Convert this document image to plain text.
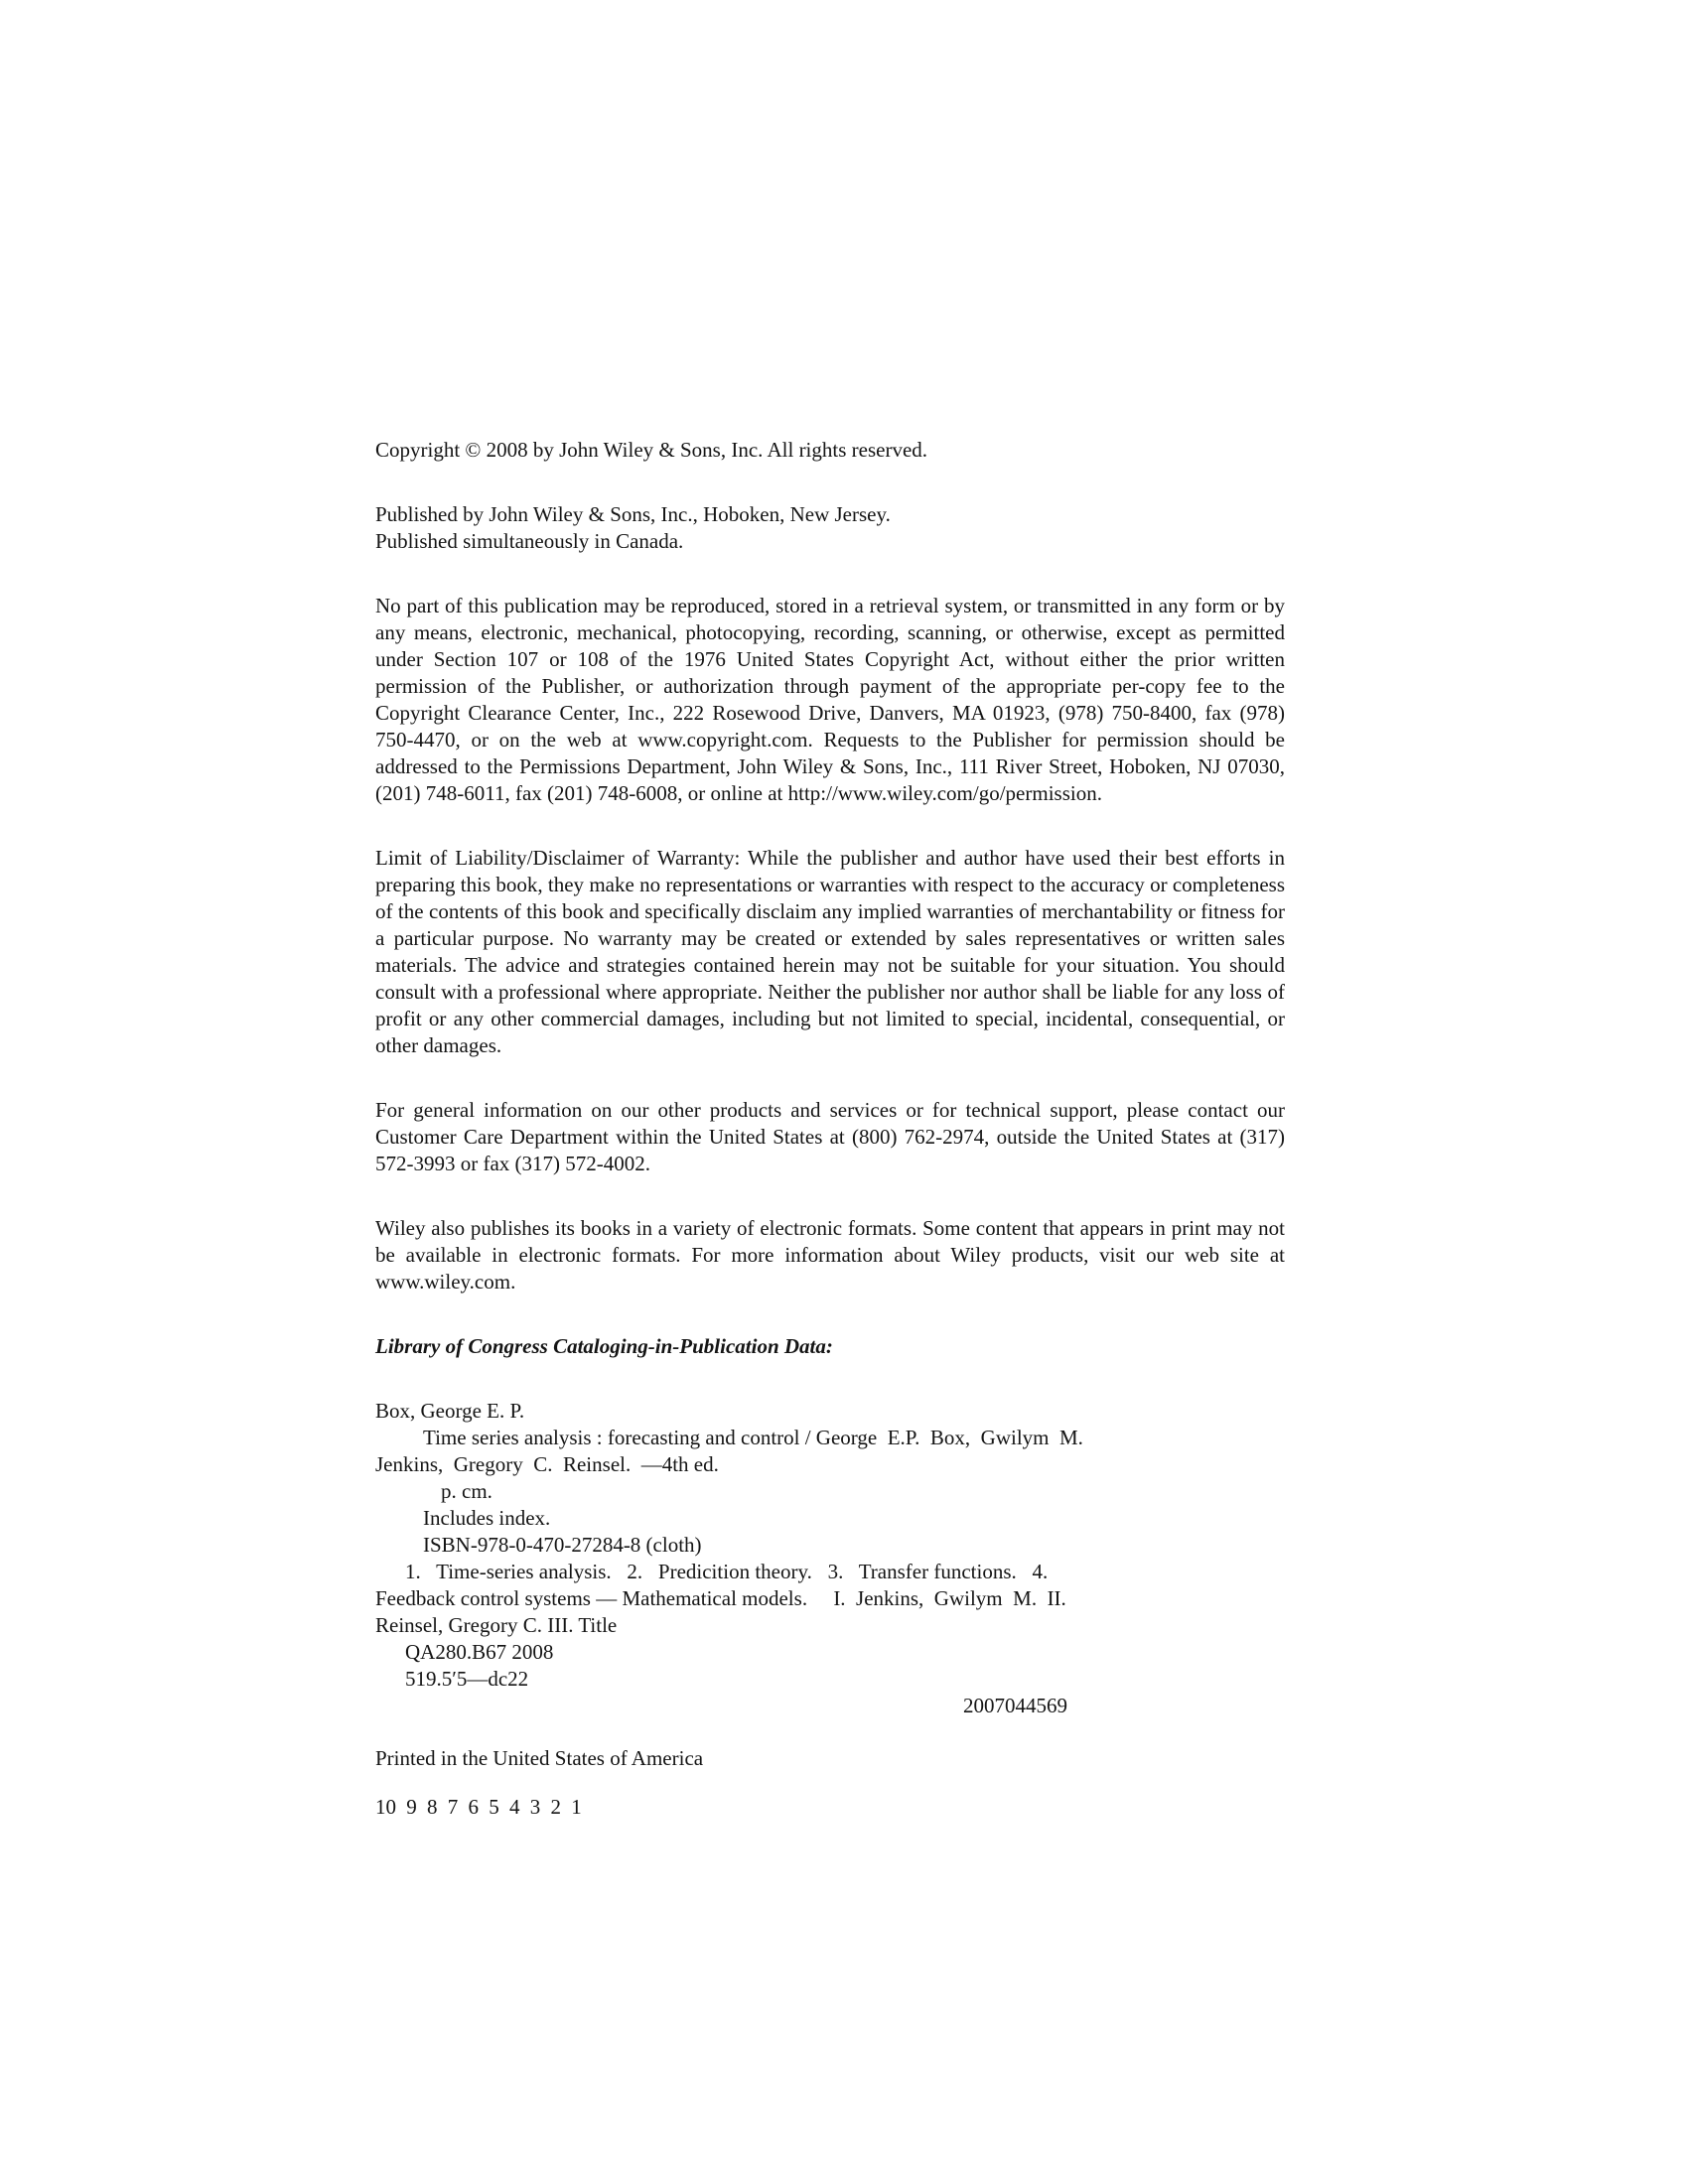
Copyright © 2008 by John Wiley & Sons, Inc. All rights reserved.

Published by John Wiley & Sons, Inc., Hoboken, New Jersey.
Published simultaneously in Canada.

No part of this publication may be reproduced, stored in a retrieval system, or transmitted in any form or by any means, electronic, mechanical, photocopying, recording, scanning, or otherwise, except as permitted under Section 107 or 108 of the 1976 United States Copyright Act, without either the prior written permission of the Publisher, or authorization through payment of the appropriate per-copy fee to the Copyright Clearance Center, Inc., 222 Rosewood Drive, Danvers, MA 01923, (978) 750-8400, fax (978) 750-4470, or on the web at www.copyright.com. Requests to the Publisher for permission should be addressed to the Permissions Department, John Wiley & Sons, Inc., 111 River Street, Hoboken, NJ 07030, (201) 748-6011, fax (201) 748-6008, or online at http://www.wiley.com/go/permission.

Limit of Liability/Disclaimer of Warranty: While the publisher and author have used their best efforts in preparing this book, they make no representations or warranties with respect to the accuracy or completeness of the contents of this book and specifically disclaim any implied warranties of merchantability or fitness for a particular purpose. No warranty may be created or extended by sales representatives or written sales materials. The advice and strategies contained herein may not be suitable for your situation. You should consult with a professional where appropriate. Neither the publisher nor author shall be liable for any loss of profit or any other commercial damages, including but not limited to special, incidental, consequential, or other damages.

For general information on our other products and services or for technical support, please contact our Customer Care Department within the United States at (800) 762-2974, outside the United States at (317) 572-3993 or fax (317) 572-4002.

Wiley also publishes its books in a variety of electronic formats. Some content that appears in print may not be available in electronic formats. For more information about Wiley products, visit our web site at www.wiley.com.

Library of Congress Cataloging-in-Publication Data:

Box, George E. P.
Time series analysis : forecasting and control / George  E.P.  Box,  Gwilym  M.
Jenkins,  Gregory  C.  Reinsel.  —4th ed.
p. cm.
Includes index.
ISBN-978-0-470-27284-8 (cloth)
1.   Time-series analysis.   2.   Predicition theory.   3.   Transfer functions.   4.
Feedback control systems — Mathematical models.     I.  Jenkins,  Gwilym  M.  II.
Reinsel, Gregory C. III. Title
QA280.B67 2008
519.5′5—dc22
2007044569

Printed in the United States of America

10 9 8 7 6 5 4 3 2 1
